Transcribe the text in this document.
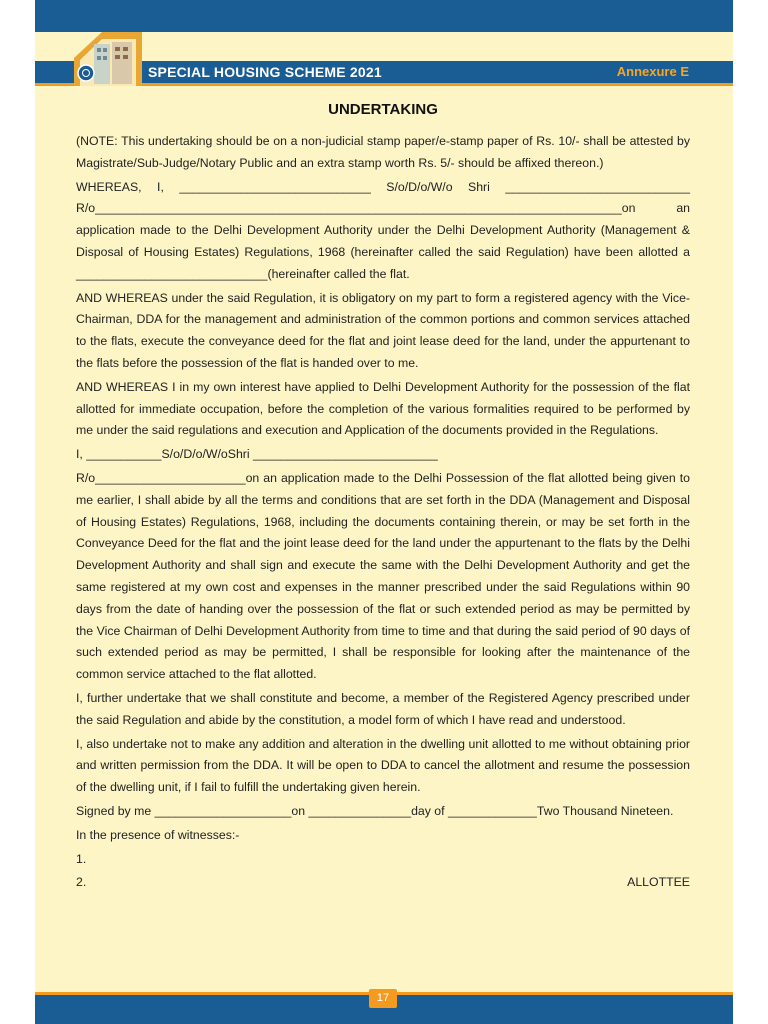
SPECIAL HOUSING SCHEME 2021	Annexure E

UNDERTAKING

(NOTE: This undertaking should be on a non-judicial stamp paper/e-stamp paper of Rs. 10/- shall be attested by Magistrate/Sub-Judge/Notary Public and an extra stamp worth Rs. 5/- should be affixed thereon.)

WHEREAS, I, ____________________________ S/o/D/o/W/o Shri ___________________________ R/o_____________________________________________________________________________on an application made to the Delhi Development Authority under the Delhi Development Authority (Management & Disposal of Housing Estates) Regulations, 1968 (hereinafter called the said Regulation) have been allotted a ____________________________(hereinafter called the flat.

AND WHEREAS under the said Regulation, it is obligatory on my part to form a registered agency with the Vice-Chairman, DDA for the management and administration of the common portions and common services attached to the flats, execute the conveyance deed for the flat and joint lease deed for the land, under the appurtenant to the flats before the possession of the flat is handed over to me.

AND WHEREAS I in my own interest have applied to Delhi Development Authority for the possession of the flat allotted for immediate occupation, before the completion of the various formalities required to be performed by me under the said regulations and execution and Application of the documents provided in the Regulations.

I, ___________S/o/D/o/W/oShri ___________________________

R/o______________________on an application made to the Delhi Possession of the flat allotted being given to me earlier, I shall abide by all the terms and conditions that are set forth in the DDA (Management and Disposal of Housing Estates) Regulations, 1968, including the documents containing therein, or may be set forth in the Conveyance Deed for the flat and the joint lease deed for the land under the appurtenant to the flats by the Delhi Development Authority and shall sign and execute the same with the Delhi Development Authority and get the same registered at my own cost and expenses in the manner prescribed under the said Regulations within 90 days from the date of handing over the possession of the flat or such extended period as may be permitted by the Vice Chairman of Delhi Development Authority from time to time and that during the said period of 90 days of such extended period as may be permitted, I shall be responsible for looking after the maintenance of the common service attached to the flat allotted.

I, further undertake that we shall constitute and become, a member of the Registered Agency prescribed under the said Regulation and abide by the constitution, a model form of which I have read and understood.

I, also undertake not to make any addition and alteration in the dwelling unit allotted to me without obtaining prior and written permission from the DDA. It will be open to DDA to cancel the allotment and resume the possession of the dwelling unit, if I fail to fulfill the undertaking given herein.

Signed by me ____________________on _______________day of _____________Two Thousand Nineteen.

In the presence of witnesses:-

1.

2.	ALLOTTEE
17
